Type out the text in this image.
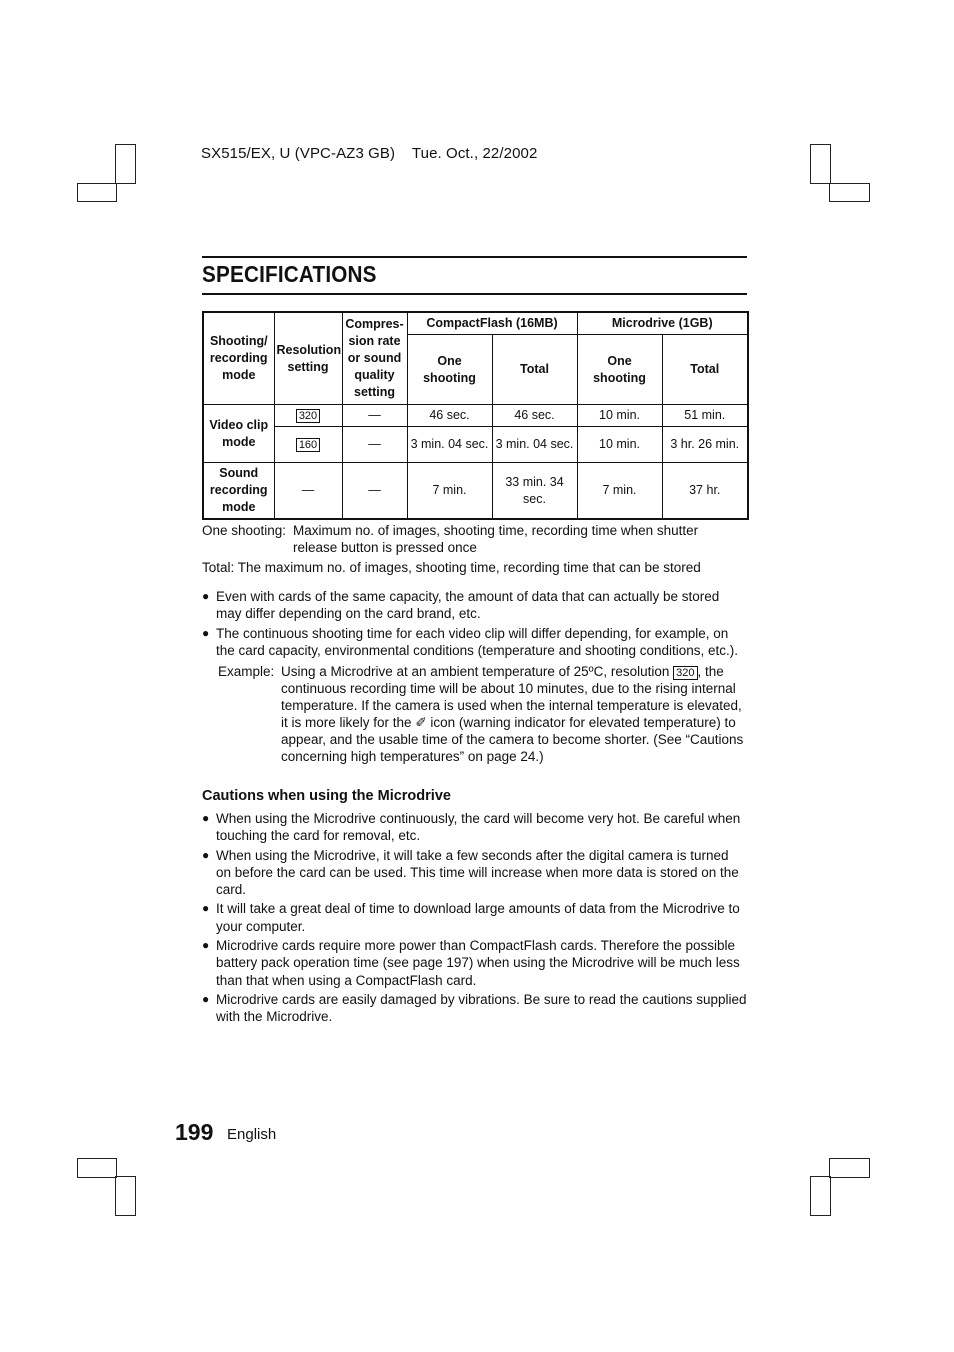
SX515/EX, U (VPC-AZ3 GB)    Tue. Oct., 22/2002
SPECIFICATIONS
Shooting/ recording mode	Resolution setting	Compres- sion rate or sound quality setting	CompactFlash (16MB)		Microdrive (1GB)	
			One shooting	Total	One shooting	Total
Video clip mode	320	—	46 sec.	46 sec.	10 min.	51 min.
	160	—	3 min. 04 sec.	3 min. 04 sec.	10 min.	3 hr. 26 min.
Sound recording mode	—	—	7 min.	33 min. 34 sec.	7 min.	37 hr.
One shooting: Maximum no. of images, shooting time, recording time when shutter
release button is pressed once
Total: The maximum no. of images, shooting time, recording time that can be stored
● Even with cards of the same capacity, the amount of data that can actually be stored may differ depending on the card brand, etc.
● The continuous shooting time for each video clip will differ depending, for example, on the card capacity, environmental conditions (temperature and shooting conditions, etc.).
Example: Using a Microdrive at an ambient temperature of 25ºC, resolution 320 , the continuous recording time will be about 10 minutes, due to the rising internal temperature. If the camera is used when the internal temperature is elevated, it is more likely for the ✐ icon (warning indicator for elevated temperature) to appear, and the usable time of the camera to become shorter. (See “Cautions concerning high temperatures” on page 24.)
Cautions when using the Microdrive
● When using the Microdrive continuously, the card will become very hot. Be careful when touching the card for removal, etc.
● When using the Microdrive, it will take a few seconds after the digital camera is turned on before the card can be used. This time will increase when more data is stored on the card.
● It will take a great deal of time to download large amounts of data from the Microdrive to your computer.
● Microdrive cards require more power than CompactFlash cards. Therefore the possible battery pack operation time (see page 197) when using the Microdrive will be much less than that when using a CompactFlash card.
● Microdrive cards are easily damaged by vibrations. Be sure to read the cautions supplied with the Microdrive.
199 English
